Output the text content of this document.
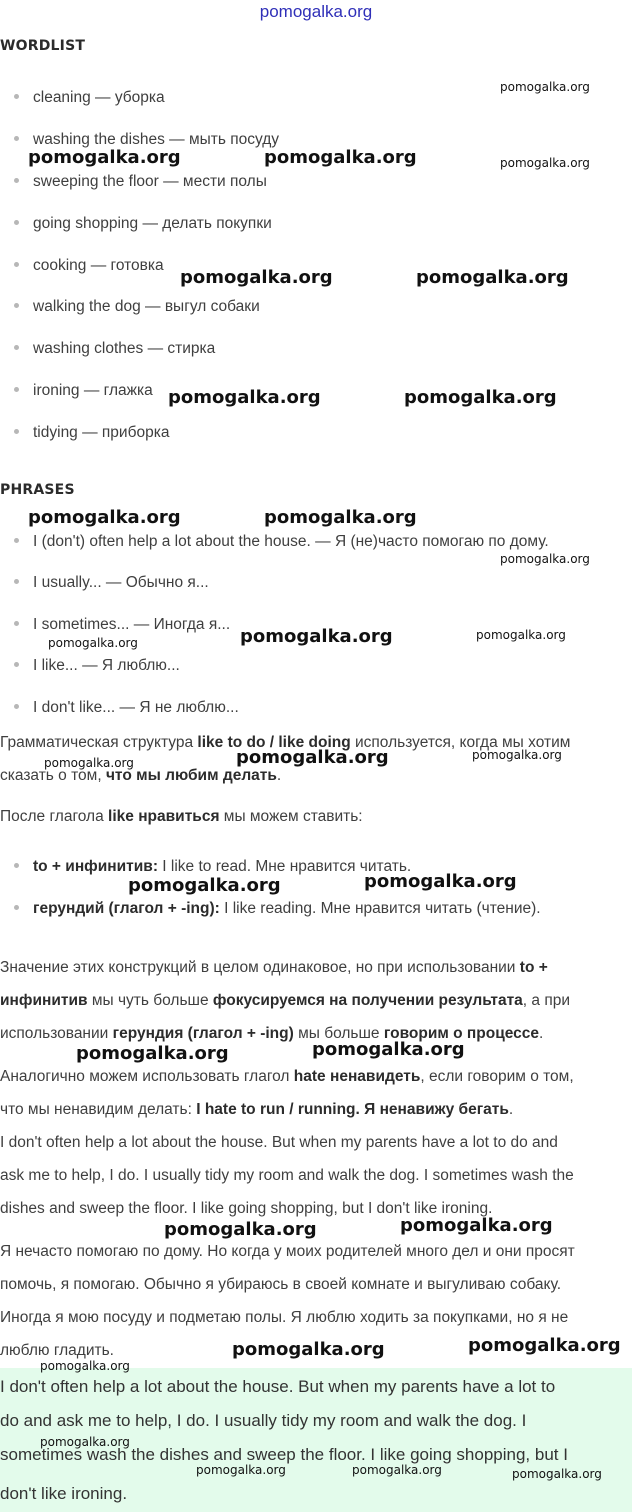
pomogalka.org
WORDLIST
cleaning — уборка
washing the dishes — мыть посуду
sweeping the floor — мести полы
going shopping — делать покупки
cooking — готовка
walking the dog — выгул собаки
washing clothes — стирка
ironing — глажка
tidying — приборка
PHRASES
I (don't) often help a lot about the house. — Я (не)часто помогаю по дому.
I usually... — Обычно я...
I sometimes... — Иногда я...
I like... — Я люблю...
I don't like... — Я не люблю...
Грамматическая структура like to do / like doing используется, когда мы хотим
сказать о том, что мы любим делать.
После глагола like нравиться мы можем ставить:
to + инфинитив: I like to read. Мне нравится читать.
герундий (глагол + -ing): I like reading. Мне нравится читать (чтение).
Значение этих конструкций в целом одинаковое, но при использовании to +
инфинитив мы чуть больше фокусируемся на получении результата, а при
использовании герундия (глагол + -ing) мы больше говорим о процессе.
Аналогично можем использовать глагол hate ненавидеть, если говорим о том,
что мы ненавидим делать: I hate to run / running. Я ненавижу бегать.
I don't often help a lot about the house. But when my parents have a lot to do and
ask me to help, I do. I usually tidy my room and walk the dog. I sometimes wash the
dishes and sweep the floor. I like going shopping, but I don't like ironing.
Я нечасто помогаю по дому. Но когда у моих родителей много дел и они просят
помочь, я помогаю. Обычно я убираюсь в своей комнате и выгуливаю собаку.
Иногда я мою посуду и подметаю полы. Я люблю ходить за покупками, но я не
люблю гладить.
I don't often help a lot about the house. But when my parents have a lot to
do and ask me to help, I do. I usually tidy my room and walk the dog. I
sometimes wash the dishes and sweep the floor. I like going shopping, but I
don't like ironing.
pomogalka.org
pomogalka.org	pomogalka.org	pomogalka.org
pomogalka.org	pomogalka.org
pomogalka.org	pomogalka.org
pomogalka.org	pomogalka.org
pomogalka.org
pomogalka.org	pomogalka.org
pomogalka.org
pomogalka.org	pomogalka.org
pomogalka.org
pomogalka.org
pomogalka.org
pomogalka.org
pomogalka.org
pomogalka.org
pomogalka.org
pomogalka.org
pomogalka.org
pomogalka.org
pomogalka.org
pomogalka.org	pomogalka.org	pomogalka.org
